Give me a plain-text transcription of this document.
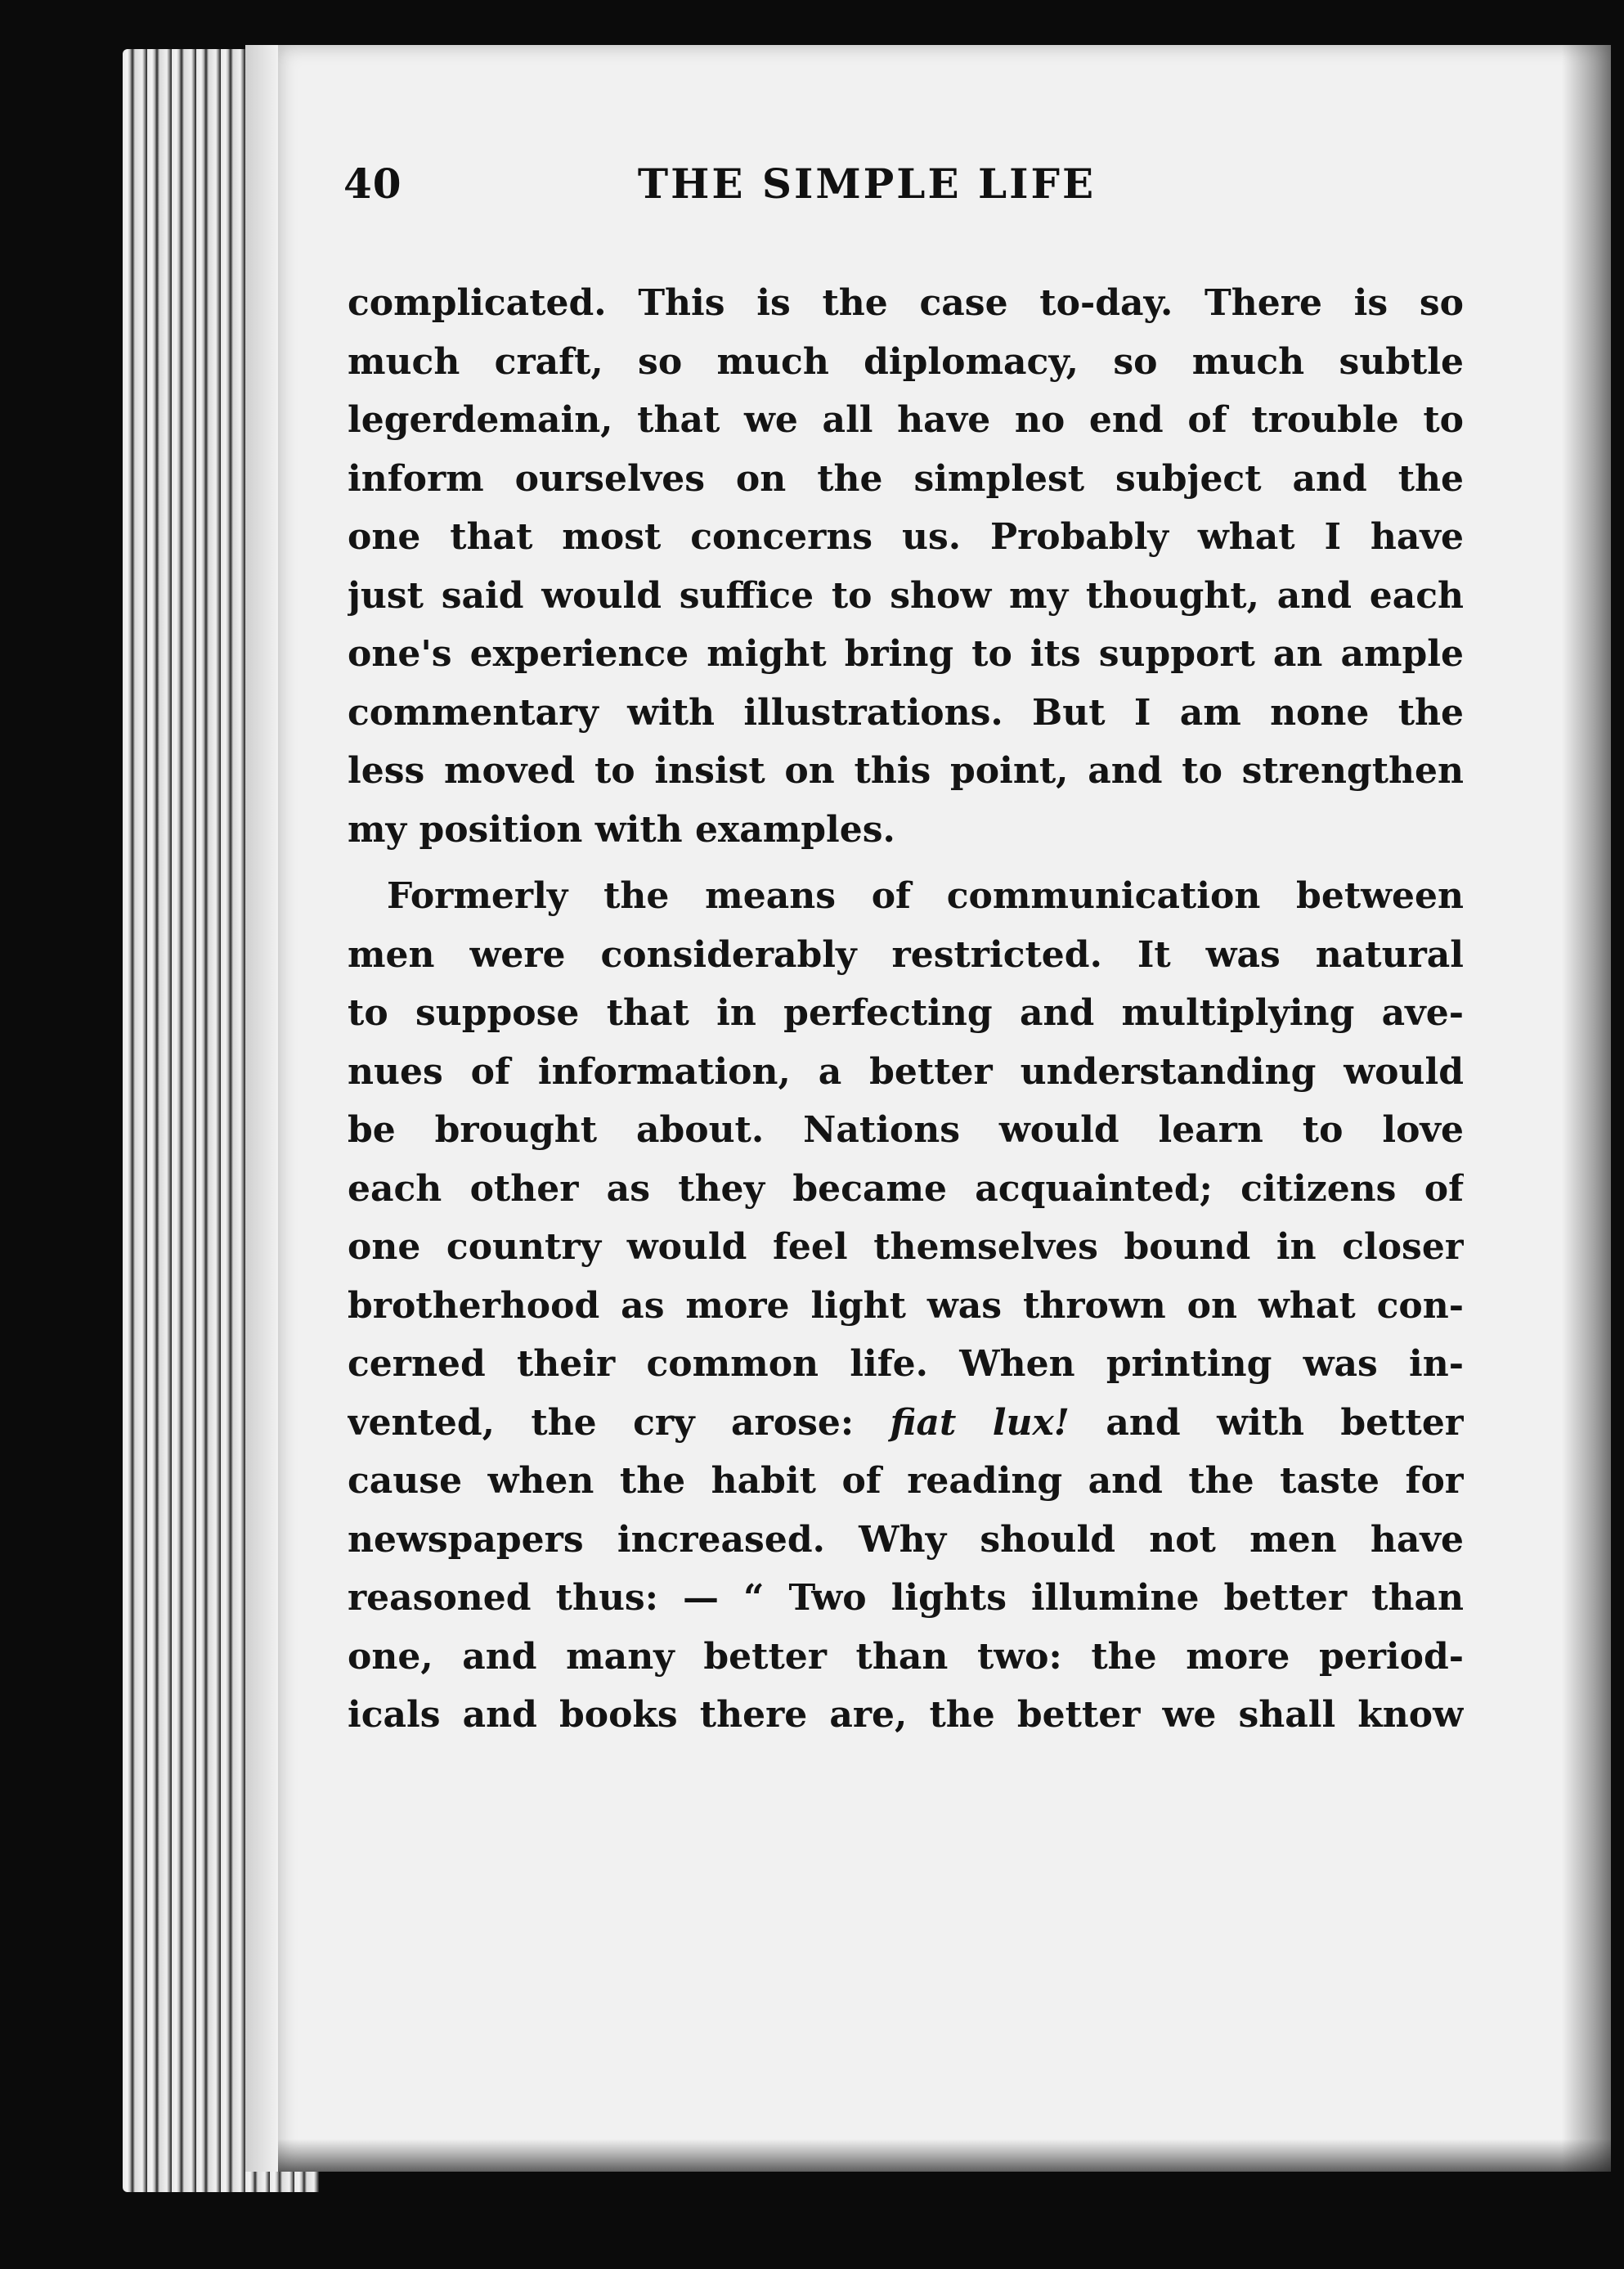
40	THE SIMPLE LIFE
complicated. This is the case to-day. There is so
much craft, so much diplomacy, so much subtle
legerdemain, that we all have no end of trouble to
inform ourselves on the simplest subject and the
one that most concerns us. Probably what I have
just said would suffice to show my thought, and each
one's experience might bring to its support an ample
commentary with illustrations. But I am none the
less moved to insist on this point, and to strengthen
my position with examples.
Formerly the means of communication between
men were considerably restricted. It was natural
to suppose that in perfecting and multiplying ave-
nues of information, a better understanding would
be brought about. Nations would learn to love
each other as they became acquainted; citizens of
one country would feel themselves bound in closer
brotherhood as more light was thrown on what con-
cerned their common life. When printing was in-
vented, the cry arose: fiat lux! and with better
cause when the habit of reading and the taste for
newspapers increased. Why should not men have
reasoned thus: — “ Two lights illumine better than
one, and many better than two: the more period-
icals and books there are, the better we shall know
